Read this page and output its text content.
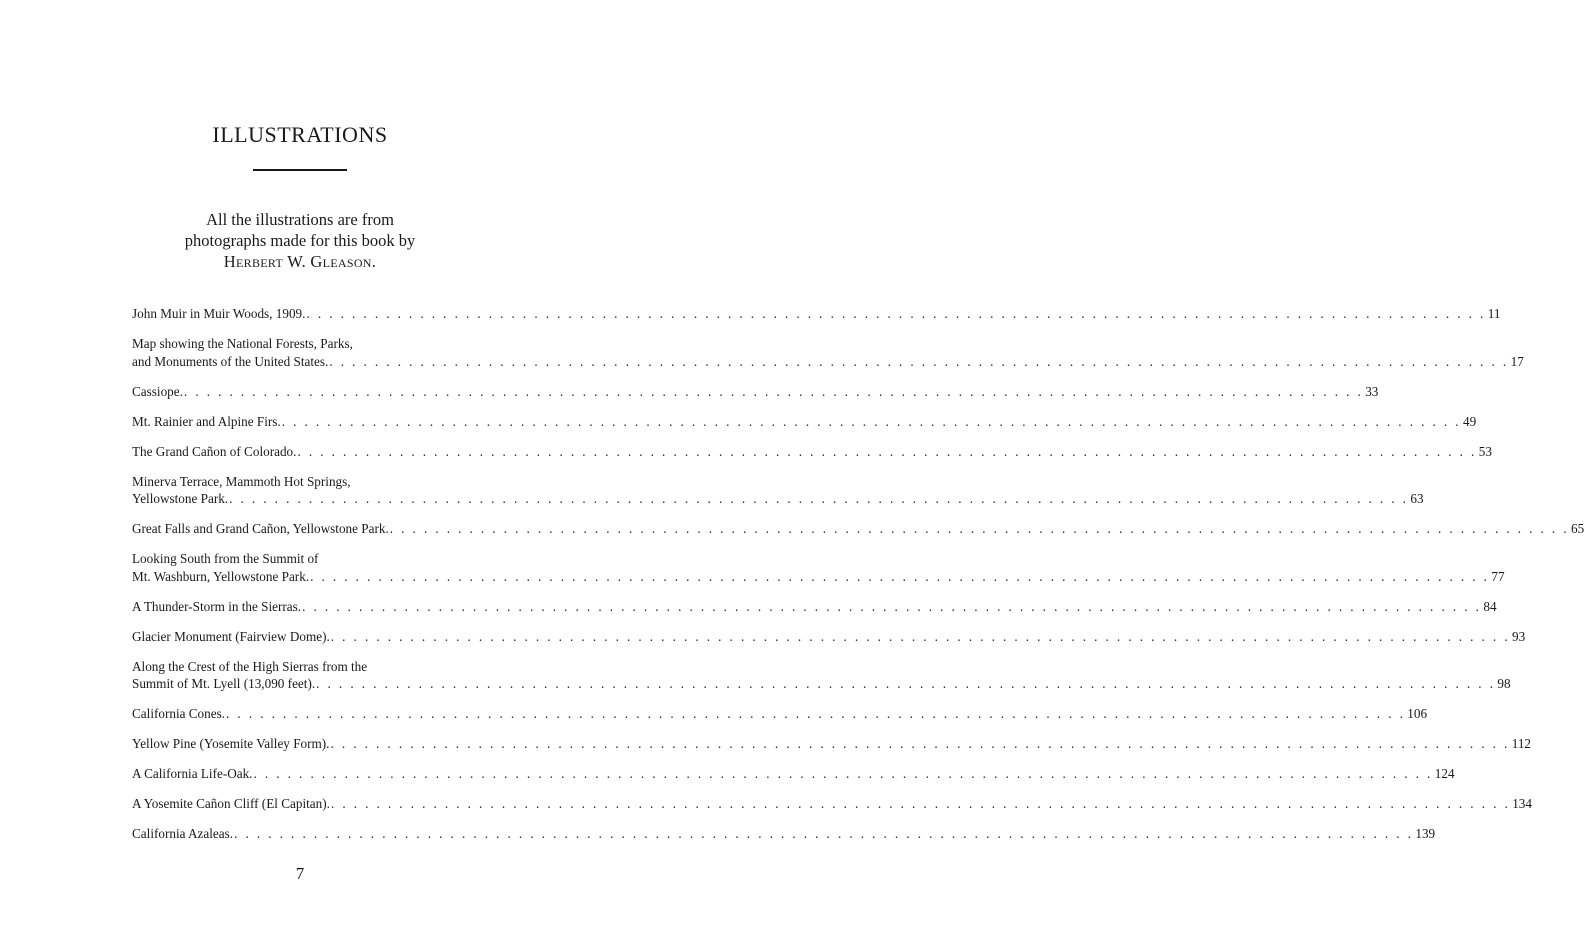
ILLUSTRATIONS
All the illustrations are from
photographs made for this book by
Herbert W. Gleason.
John Muir in Muir Woods, 1909. . . . . . . . . . . . . . . . . . . . . . . . . . . . . . . . . . . . . . . . . . . . . . . . . . . . . . . . . . . . . . . . . . . . . . . . . . . . . . . . . . . . . . . . . . . . . . . . . . . . . . . . . 11
Map showing the National Forests, Parks,
and Monuments of the United States. . . . . . . . . . . . . . . . . . . . . . . . . . . . . . . . . . . . . . . . . . . . . . . . . . . . . . . . . . . . . . . . . . . . . . . . . . . . . . . . . . . . . . . . . . . . . . . . . . . . . . . . . 17
Cassiope. . . . . . . . . . . . . . . . . . . . . . . . . . . . . . . . . . . . . . . . . . . . . . . . . . . . . . . . . . . . . . . . . . . . . . . . . . . . . . . . . . . . . . . . . . . . . . . . . . . . . . . . . 33
Mt. Rainier and Alpine Firs. . . . . . . . . . . . . . . . . . . . . . . . . . . . . . . . . . . . . . . . . . . . . . . . . . . . . . . . . . . . . . . . . . . . . . . . . . . . . . . . . . . . . . . . . . . . . . . . . . . . . . . . . 49
The Grand Cañon of Colorado. . . . . . . . . . . . . . . . . . . . . . . . . . . . . . . . . . . . . . . . . . . . . . . . . . . . . . . . . . . . . . . . . . . . . . . . . . . . . . . . . . . . . . . . . . . . . . . . . . . . . . . . . 53
Minerva Terrace, Mammoth Hot Springs,
Yellowstone Park. . . . . . . . . . . . . . . . . . . . . . . . . . . . . . . . . . . . . . . . . . . . . . . . . . . . . . . . . . . . . . . . . . . . . . . . . . . . . . . . . . . . . . . . . . . . . . . . . . . . . . . . . 63
Great Falls and Grand Cañon, Yellowstone Park. . . . . . . . . . . . . . . . . . . . . . . . . . . . . . . . . . . . . . . . . . . . . . . . . . . . . . . . . . . . . . . . . . . . . . . . . . . . . . . . . . . . . . . . . . . . . . . . . . . . . . . . . 65
Looking South from the Summit of
Mt. Washburn, Yellowstone Park. . . . . . . . . . . . . . . . . . . . . . . . . . . . . . . . . . . . . . . . . . . . . . . . . . . . . . . . . . . . . . . . . . . . . . . . . . . . . . . . . . . . . . . . . . . . . . . . . . . . . . . . . 77
A Thunder-Storm in the Sierras. . . . . . . . . . . . . . . . . . . . . . . . . . . . . . . . . . . . . . . . . . . . . . . . . . . . . . . . . . . . . . . . . . . . . . . . . . . . . . . . . . . . . . . . . . . . . . . . . . . . . . . . . 84
Glacier Monument (Fairview Dome). . . . . . . . . . . . . . . . . . . . . . . . . . . . . . . . . . . . . . . . . . . . . . . . . . . . . . . . . . . . . . . . . . . . . . . . . . . . . . . . . . . . . . . . . . . . . . . . . . . . . . . . . 93
Along the Crest of the High Sierras from the
Summit of Mt. Lyell (13,090 feet). . . . . . . . . . . . . . . . . . . . . . . . . . . . . . . . . . . . . . . . . . . . . . . . . . . . . . . . . . . . . . . . . . . . . . . . . . . . . . . . . . . . . . . . . . . . . . . . . . . . . . . . . 98
California Cones. . . . . . . . . . . . . . . . . . . . . . . . . . . . . . . . . . . . . . . . . . . . . . . . . . . . . . . . . . . . . . . . . . . . . . . . . . . . . . . . . . . . . . . . . . . . . . . . . . . . . . . . . 106
Yellow Pine (Yosemite Valley Form). . . . . . . . . . . . . . . . . . . . . . . . . . . . . . . . . . . . . . . . . . . . . . . . . . . . . . . . . . . . . . . . . . . . . . . . . . . . . . . . . . . . . . . . . . . . . . . . . . . . . . . . . 112
A California Life-Oak. . . . . . . . . . . . . . . . . . . . . . . . . . . . . . . . . . . . . . . . . . . . . . . . . . . . . . . . . . . . . . . . . . . . . . . . . . . . . . . . . . . . . . . . . . . . . . . . . . . . . . . . . 124
A Yosemite Cañon Cliff (El Capitan). . . . . . . . . . . . . . . . . . . . . . . . . . . . . . . . . . . . . . . . . . . . . . . . . . . . . . . . . . . . . . . . . . . . . . . . . . . . . . . . . . . . . . . . . . . . . . . . . . . . . . . . . 134
California Azaleas. . . . . . . . . . . . . . . . . . . . . . . . . . . . . . . . . . . . . . . . . . . . . . . . . . . . . . . . . . . . . . . . . . . . . . . . . . . . . . . . . . . . . . . . . . . . . . . . . . . . . . . . . 139
7
